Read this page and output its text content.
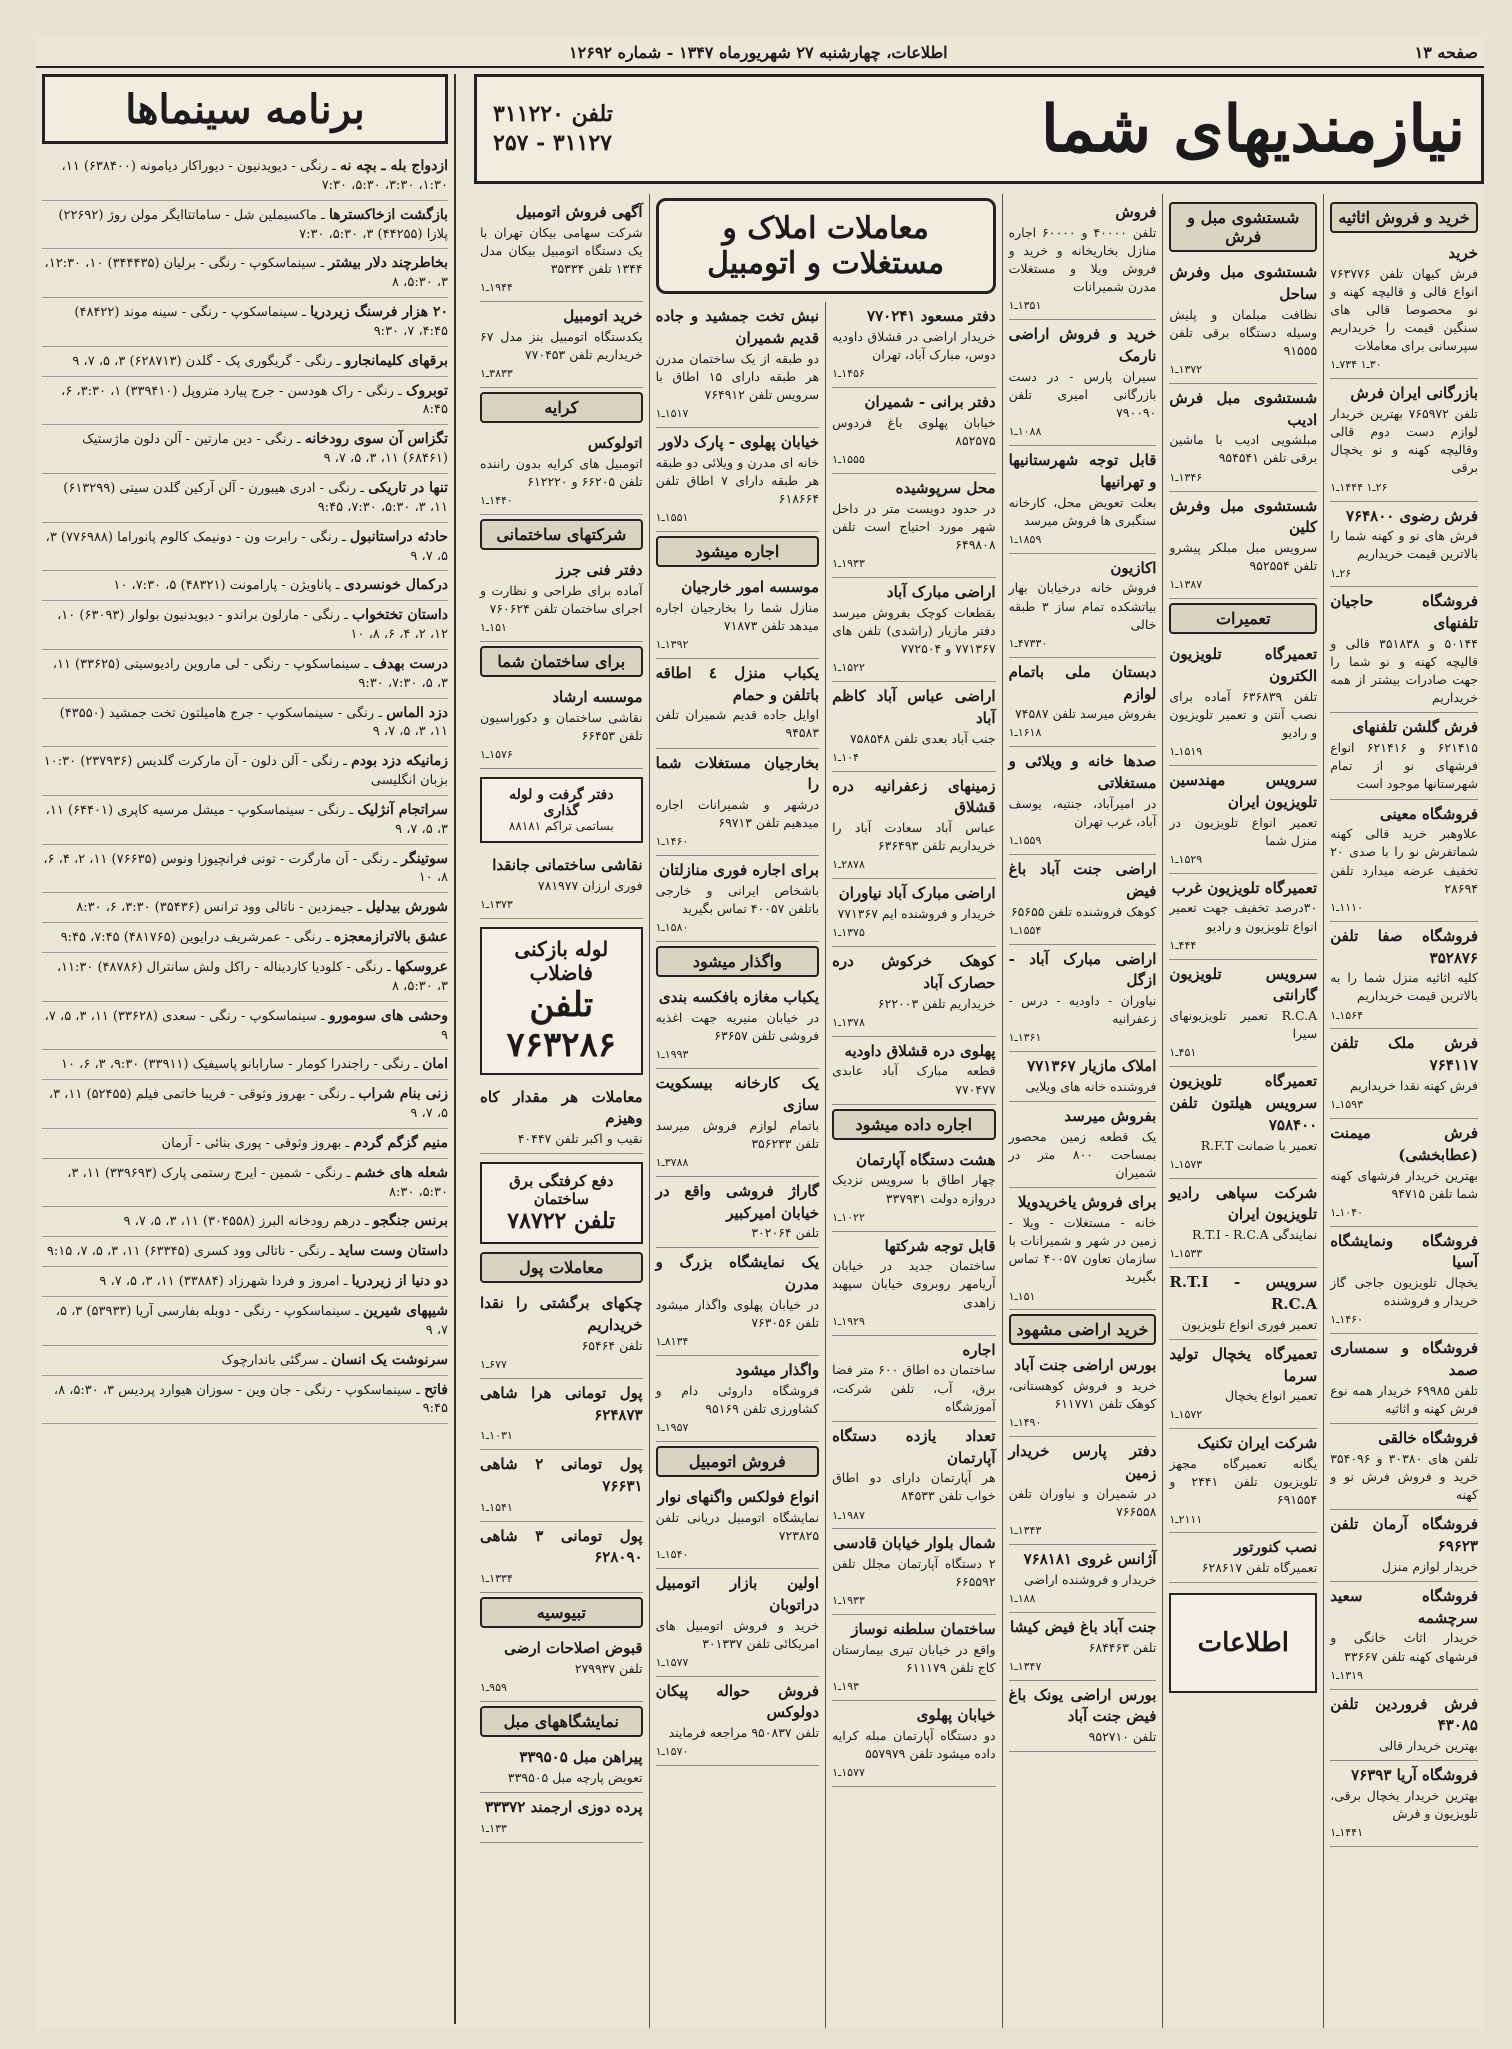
صفحه ۱۳
اطلاعات، چهارشنبه ۲۷ شهریورماه ۱۳۴۷ - شماره ۱۲۶۹۲
برنامه سینماها
ازدواج بله ـ بچه نه ـ رنگی - دیویدنیون - دیوراکار دیامونه (۶۳۸۴۰۰) ۱۱، ۱:۳۰، ۳:۳۰، ۵:۳۰، ۷:۳۰
بازگشت ازخاکسترها ـ ماکسیملین شل - ساماتتاایگر مولن روژ (۲۲۶۹۲) پلازا (۴۴۲۵۵) ۳، ۵:۳۰، ۷:۳۰
بخاطرچند دلار بیشتر ـ سینماسکوپ - رنگی - برلیان (۳۴۴۴۳۵) ۱۰، ۱۲:۳۰، ۳، ۵:۳۰، ۸
۲۰ هزار فرسنگ زیردریا ـ سینماسکوپ - رنگی - سینه موند (۴۸۴۲۲) ۴:۴۵، ۷، ۹:۳۰
برقهای کلیمانجارو ـ رنگی - گریگوری پک - گلدن (۶۲۸۷۱۳) ۳، ۵، ۷، ۹
توبروک ـ رنگی - راک هودسن - جرج پیارد متروپل (۳۳۹۴۱۰) ۱، ۳:۳۰، ۶، ۸:۴۵
تگزاس آن سوی رودخانه ـ رنگی - دین مارتین - آلن دلون ماژستیک (۶۸۴۶۱) ۱۱، ۳، ۵، ۷، ۹
تنها در تاریکی ـ رنگی - ادری هیبورن - آلن آرکین گلدن سیتی (۶۱۳۲۹۹) ۱۱، ۳، ۵:۳۰، ۷:۳۰، ۹:۴۵
حادثه دراستانبول ـ رنگی - رابرت ون - دونیمک کالوم پانوراما (۷۷۶۹۸۸) ۳، ۵، ۷، ۹
درکمال خونسردی ـ پاناویژن - پارامونت (۴۸۳۲۱) ۵، ۷:۳۰، ۱۰
داستان تختخواب ـ رنگی - مارلون براندو - دیویدنیون بولوار (۶۳۰۹۳) ۱۰، ۱۲، ۲، ۴، ۶، ۸، ۱۰
درست بهدف ـ سینماسکوپ - رنگی - لی ماروین رادیوسیتی (۳۳۶۲۵) ۱۱، ۳، ۵، ۷:۳۰، ۹:۳۰
دزد الماس ـ رنگی - سینماسکوپ - جرج هامیلتون تخت جمشید (۴۳۵۵۰) ۱۱، ۳، ۵، ۷، ۹
زمانیکه دزد بودم ـ رنگی - آلن دلون - آن مارکرت گلدیس (۲۳۷۹۳۶) ۱۰:۳۰ بزبان انگلیسی
سراتجام آنژلیک ـ رنگی - سینماسکوپ - میشل مرسیه کاپری (۶۴۴۰۱) ۱۱، ۳، ۵، ۷، ۹
سوتینگر ـ رنگی - آن مارگرت - تونی فرانچیوزا ونوس (۷۶۶۳۵) ۱۱، ۲، ۴، ۶، ۸، ۱۰
شورش بیدلیل ـ جیمزدین - ناتالی وود ترانس (۳۵۴۳۶) ۳:۳۰، ۶، ۸:۳۰
عشق بالاترازمعجزه ـ رنگی - عمرشریف درایوین (۴۸۱۷۶۵) ۷:۴۵، ۹:۴۵
عروسکها ـ رنگی - کلودیا کاردیناله - راکل ولش سانترال (۴۸۷۸۶) ۱۱:۳۰، ۳، ۵:۳۰، ۸
وحشی های سومورو ـ سینماسکوپ - رنگی - سعدی (۳۳۶۲۸) ۱۱، ۳، ۵، ۷، ۹
امان ـ رنگی - راجندرا کومار - سارابانو پاسیفیک (۳۳۹۱۱) ۹:۳۰، ۳، ۶، ۱۰
زنی بنام شراب ـ رنگی - بهروز وثوقی - فریبا خاتمی فیلم (۵۲۴۵۵) ۱۱، ۳، ۵، ۷، ۹
منیم گزگم گردم ـ بهروز وثوقی - پوری بنائی - آرمان
شعله های خشم ـ رنگی - شمین - ایرج رستمی پارک (۳۳۹۶۹۳) ۱۱، ۳، ۵:۳۰، ۸:۳۰
برنس جنگجو ـ درهم رودخانه البرز (۳۰۴۵۵۸) ۱۱، ۳، ۵، ۷، ۹
داستان وست ساید ـ رنگی - ناتالی وود کسری (۶۳۳۴۵) ۱۱، ۳، ۵، ۷، ۹:۱۵
دو دنیا از زیردریا ـ امروز و فردا شهرزاد (۳۳۸۸۴) ۱۱، ۳، ۵، ۷، ۹
شیپهای شیرین ـ سینماسکوپ - رنگی - دوبله بفارسی آریا (۵۳۹۳۳) ۳، ۵، ۷، ۹
سرنوشت یک انسان ـ سرگئی باندارچوک
فاتح ـ سینماسکوپ - رنگی - جان وین - سوزان هیوارد پردیس ۳، ۵:۳۰، ۸، ۹:۴۵
نیازمندیهای شما
تلفن ۳۱۱۲۲۰
۳۱۱۲۷ - ۲۵۷
خرید و فروش اثاثیه
خرید
فرش کیهان تلفن ۷۶۳۷۷۶ انواع قالی و قالیچه کهنه و نو محصوصا قالی های سنگین قیمت را خریداریم سپرسانی برای معاملات
۳۰ـ۱ ۷۳۴ـ۱
بازرگانی ایران فرش
تلفن ۷۶۵۹۷۲ بهترین خریدار لوازم دست دوم قالی وقالیچه کهنه و نو یخچال برقی
۲۶ـ۱ ۱۴۴۴ـ۱
فرش رضوی ۷۶۴۸۰۰
فرش های نو و کهنه شما را بالاترین قیمت خریداریم
۲۶ـ۱
فروشگاه حاجیان تلفنهای
۵۰۱۴۴ و ۳۵۱۸۳۸ قالی و قالیچه کهنه و نو شما را جهت صادرات بیشتر از همه خریداریم
فرش گلشن تلفنهای
۶۲۱۴۱۵ و ۶۲۱۴۱۶ انواع فرشهای نو از تمام شهرستانها موجود است
فروشگاه معینی
علاوهبر خرید قالی کهنه شماتفرش نو را با صدی ۲۰ تخفیف عرضه میدارد تلفن ۲۸۶۹۴
۱۱۱۰ـ۱
فروشگاه صفا تلفن ۳۵۲۸۷۶
کلیه اثاثیه منزل شما را به بالاترین قیمت خریداریم
۱۵۶۴ـ۱
فرش ملک تلفن ۷۶۴۱۱۷
فرش کهنه نقدا خریداریم
۱۵۹۳ـ۱
فرش میمنت (عطابخشی)
بهترین خریدار فرشهای کهنه شما تلفن ۹۴۷۱۵
۱۰۴۰ـ۱
فروشگاه ونمایشگاه آسیا
یخچال تلویزیون جاجی گاز خریدار و فروشنده
۱۴۶۰ـ۱
فروشگاه و سمساری صمد
تلفن ۶۹۹۸۵ خریدار همه نوع فرش کهنه و اثاثیه
فروشگاه خالقی
تلفن های ۳۰۳۸۰ و ۳۵۴۰۹۶ خرید و فروش فرش نو و کهنه
فروشگاه آرمان تلفن ۶۹۶۲۳
خریدار لوازم منزل
فروشگاه سعید سرچشمه
خریدار اثاث خانگی و فرشهای کهنه تلفن ۳۳۶۶۷
۱۳۱۹ـ۱
فرش فروردین تلفن ۴۳۰۸۵
بهترین خریدار قالی
فروشگاه آریا ۷۶۳۹۳
بهترین خریدار یخچال برقی، تلویزیون و فرش
۱۴۴۱ـ۱
شستشوی مبل و فرش
شستشوی مبل وفرش ساحل
نظافت مبلمان و پلیش وسیله دستگاه برقی تلفن ۹۱۵۵۵
۱۳۷۲ـ۱
شستشوی مبل فرش ادیب
مبلشویی ادیب با ماشین برقی تلفن ۹۵۴۵۴۱
۱۳۴۶ـ۱
شستشوی مبل وفرش کلین
سرویس مبل مبلکر پیشرو تلفن ۹۵۲۵۵۴
۱۳۸۷ـ۱
تعمیرات
تعمیرگاه تلویزیون الکترون
تلفن ۶۳۶۸۳۹ آماده برای نصب آنتن و تعمیر تلویزیون و رادیو
۱۵۱۹ـ۱
سرویس مهندسین تلویزیون ایران
تعمیر انواع تلویزیون در منزل شما
۱۵۲۹ـ۱
تعمیرگاه تلویزیون غرب
۳۰درصد تخفیف جهت تعمیر انواع تلویزیون و رادیو
۴۴۴ـ۱
سرویس تلویزیون گارانتی
R.C.A تعمیر تلویزیونهای سیرا
۴۵۱ـ۱
تعمیرگاه تلویزیون سرویس هیلتون تلفن ۷۵۸۴۰۰
تعمیر با ضمانت R.F.T
۱۵۷۳ـ۱
شرکت سپاهی رادیو تلویزیون ایران
نمایندگی R.T.I - R.C.A
۱۵۳۳ـ۱
سرویس R.T.I - R.C.A
تعمیر فوری انواع تلویزیون
تعمیرگاه یخچال تولید سرما
تعمیر انواع یخچال
۱۵۷۲ـ۱
شرکت ایران تکنیک
یگانه تعمیرگاه مجهز تلویزیون تلفن ۲۴۴۱ و ۶۹۱۵۵۴
۲۱۱۱ـ۱
نصب کنورتور
تعمیرگاه تلفن ۶۲۸۶۱۷
اطلاعات
فروش
تلفن ۴۰۰۰۰ و ۶۰۰۰۰ اجاره منازل بخاریخانه و خرید و فروش ویلا و مستغلات مدرن شمیرانات
۱۳۵۱ـ۱
خرید و فروش اراضی نارمک
سیران پارس - در دست بازرگانی امیری تلفن ۷۹۰۰۹۰
۱۰۸۸ـ۱
قابل توجه شهرستانیها و تهرانیها
بعلت تعویض محل، کارخانه سنگبری ها فروش میرسد
۱۸۵۹ـ۱
اکازیون
فروش خانه درخیابان بهار بیاتشکده تمام ساز ۳ طبقه خالی
۴۷۳۳۰ـ۱
دبستان ملی باتمام لوازم
بفروش میرسد تلفن ۷۴۵۸۷
۱۶۱۸ـ۱
صدها خانه و ویلائی و مستغلاتی
در امیرآباد، جنتیه، یوسف آباد، غرب تهران
۱۵۵۹ـ۱
اراضی جنت آباد باغ فیض
کوهک فروشنده تلفن ۶۵۶۵۵
۱۵۵۴ـ۱
اراضی مبارک آباد - ازگل
نیاوران - داودیه - درس - زعفرانیه
۱۳۶۱ـ۱
املاک مازیار ۷۷۱۳۶۷
فروشنده خانه های ویلایی
بفروش میرسد
یک قطعه زمین محصور بمساحت ۸۰۰ متر در شمیران
برای فروش یاخریدویلا
خانه - مستغلات - ویلا - زمین در شهر و شمیرانات با سازمان تعاون ۴۰۰۵۷ تماس بگیرید
۱۵۱ـ۱
خرید اراضی مشهود
بورس اراضی جنت آباد
خرید و فروش کوهستانی، کوهک تلفن ۶۱۱۷۷۱
۱۴۹۰ـ۱
دفتر پارس خریدار زمین
در شمیران و نیاوران تلفن ۷۶۶۵۵۸
۱۳۴۳ـ۱
آژانس غروی ۷۶۸۱۸۱
خریدار و فروشنده اراضی
۱۸۸ـ۱
جنت آباد باغ فیض کیشا
تلفن ۶۸۴۴۶۳
۱۳۴۷ـ۱
بورس اراضی یونک باغ فیض جنت آباد
تلفن ۹۵۲۷۱۰
معاملات املاک و مستغلات و اتومبیل
دفتر مسعود ۷۷۰۲۴۱
خریدار اراضی در قشلاق داودیه دوس، مبارک آباد، تهران
۱۴۵۶ـ۱
دفتر برانی - شمیران
خیابان پهلوی باغ فردوس ۸۵۲۵۷۵
۱۵۵۵ـ۱
محل سرپوشیده
در حدود دویست متر در داخل شهر مورد احتیاج است تلفن ۶۴۹۸۰۸
۱۹۳۳ـ۱
اراضی مبارک آباد
بقطعات کوچک بفروش میرسد دفتر مازیار (راشدی) تلفن های ۷۷۱۳۶۷ و ۷۷۲۵۰۴
۱۵۲۲ـ۱
اراضی عباس آباد کاظم آباد
جنب آباد بعدی تلفن ۷۵۸۵۴۸
۱۰۴ـ۱
زمینهای زعفرانیه دره قشلاق
عباس آباد سعادت آباد را خریداریم تلفن ۶۳۶۴۹۳
۲۸۷۸ـ۱
اراضی مبارک آباد نیاوران
خریدار و فروشنده ایم ۷۷۱۳۶۷
۱۳۷۵ـ۱
کوهک خرکوش دره حصارک آباد
خریداریم تلفن ۶۲۲۰۰۳
۱۳۷۸ـ۱
پهلوی دره قشلاق داودیه
قطعه مبارک آباد عابدی ۷۷۰۴۷۷
اجاره داده میشود
هشت دستگاه آپارتمان
چهار اطاق با سرویس نزدیک دروازه دولت ۳۳۷۹۳۱
۱۰۲۲ـ۱
قابل توجه شرکتها
ساختمان جدید در خیابان آریامهر روبروی خیابان سپهبد زاهدی
۱۹۲۹ـ۱
اجاره
ساختمان ده اطاق ۶۰۰ متر فضا برق، آب، تلفن شرکت، آموزشگاه
تعداد یازده دستگاه آپارتمان
هر آپارتمان دارای دو اطاق خواب تلفن ۸۴۵۳۳
۱۹۸۷ـ۱
شمال بلوار خیابان قادسی
۲ دستگاه آپارتمان مجلل تلفن ۶۶۵۵۹۲
۱۹۳۳ـ۱
ساختمان سلطنه نوساز
واقع در خیابان تیری بیمارستان کاج تلفن ۶۱۱۱۷۹
۱۹۳ـ۱
خیابان پهلوی
دو دستگاه آپارتمان مبله کرایه داده میشود تلفن ۵۵۷۹۷۹
۱۵۷۷ـ۱
نبش تخت جمشید و جاده قدیم شمیران
دو طبقه از یک ساختمان مدرن هر طبقه دارای ۱۵ اطاق با سرویس تلفن ۷۶۴۹۱۲
۱۵۱۷ـ۱
خیابان پهلوی - پارک دلاور
خانه ای مدرن و ویلائی دو طبقه هر طبقه دارای ۷ اطاق تلفن ۶۱۸۶۶۴
۱۵۵۱ـ۱
اجاره میشود
موسسه امور خارجیان
منازل شما را بخارجیان اجاره میدهد تلفن ۷۱۸۷۳
۱۳۹۲ـ۱
یکباب منزل ٤ اطاقه باتلفن و حمام
اوایل جاده قدیم شمیران تلفن ۹۴۵۸۳
بخارجیان مستغلات شما را
درشهر و شمیرانات اجاره میدهیم تلفن ۶۹۷۱۳
۱۴۶۰ـ۱
برای اجاره فوری منازلتان
باشخاص ایرانی و خارجی باتلفن ۴۰۰۵۷ تماس بگیرید
۱۵۸۰ـ۱
واگذار میشود
یکباب مغازه بافکسه بندی
در خیابان منیریه جهت اغذیه فروشی تلفن ۶۳۶۵۷
۱۹۹۳ـ۱
یک کارخانه بیسکویت سازی
باتمام لوازم فروش میرسد تلفن ۳۵۶۲۳۳
۳۷۸۸ـ۱
گاراژ فروشی واقع در خیابان امیرکبیر
تلفن ۳۰۲۰۶۴
یک نمایشگاه بزرگ و مدرن
در خیابان پهلوی واگذار میشود تلفن ۷۶۳۰۵۶
۸۱۳۴ـ۱
واگذار میشود
فروشگاه داروئی دام و کشاورزی تلفن ۹۵۱۶۹
۱۹۵۷ـ۱
فروش اتومبیل
انواع فولکس واگنهای نوار
نمایشگاه اتومبیل دریانی تلفن ۷۲۳۸۲۵
۱۵۴۰ـ۱
اولین بازار اتومبیل دراتوبان
خرید و فروش اتومبیل های امریکائی تلفن ۳۰۱۳۳۷
۱۵۷۷ـ۱
فروش حواله پیکان دولوکس
تلفن ۹۵۰۸۳۷ مراجعه فرمایند
۱۵۷۰ـ۱
آگهی فروش اتومبیل
شرکت سهامی بیکان تهران با یک دستگاه اتومبیل بیکان مدل ۱۳۴۴ تلفن ۳۵۳۳۴
۱۹۴۴ـ۱
خرید اتومبیل
یکدستگاه اتومبیل بنز مدل ۶۷ خریداریم تلفن ۷۷۰۴۵۳
۳۸۳۳ـ۱
کرایه
اتولوکس
اتومبیل های کرایه بدون راننده تلفن ۶۶۲۰۵ و ۶۱۲۲۲۰
۱۴۴۰ـ۱
شرکتهای ساختمانی
دفتر فنی جرز
آماده برای طراحی و نظارت و اجرای ساختمان تلفن ۷۶۰۶۲۴
۱۵۱ـ۱
برای ساختمان شما
موسسه ارشاد
نقاشی ساختمان و دکوراسیون تلفن ۶۶۴۵۳
۱۵۷۶ـ۱
دفتر گرفت و لوله گذاری
بساتمی تراکم ۸۸۱۸۱
نقاشی ساختمانی جانقدا
فوری ارزان ۷۸۱۹۷۷
۱۳۷۳ـ۱
لوله بازکنی فاضلاب
تلفن ۷۶۳۲۸۶
معاملات هر مقدار کاه وهیزم
نقیب و اکبر تلفن ۴۰۴۴۷
دفع کرفتگی برق ساختمان
تلفن ۷۸۷۲۲
معاملات پول
چکهای برگشتی را نقدا خریداریم
تلفن ۶۵۴۶۴
۶۷۷ـ۱
پول تومانی هرا شاهی ۶۲۴۸۷۳
۱۰۳۱ـ۱
پول تومانی ۲ شاهی ۷۶۶۳۱
۱۵۴۱ـ۱
پول تومانی ۳ شاهی ۶۲۸۰۹۰
۱۳۳۴ـ۱
تبیوسیه
قبوض اصلاحات ارضی
تلفن ۲۷۹۹۳۷
۹۵۹ـ۱
نمایشگاههای مبل
پیراهن مبل ۳۳۹۵۰۵
تعویض پارچه مبل ۳۳۹۵۰۵
پرده دوزی ارجمند ۳۳۳۷۲
۱۳۳ـ۱
